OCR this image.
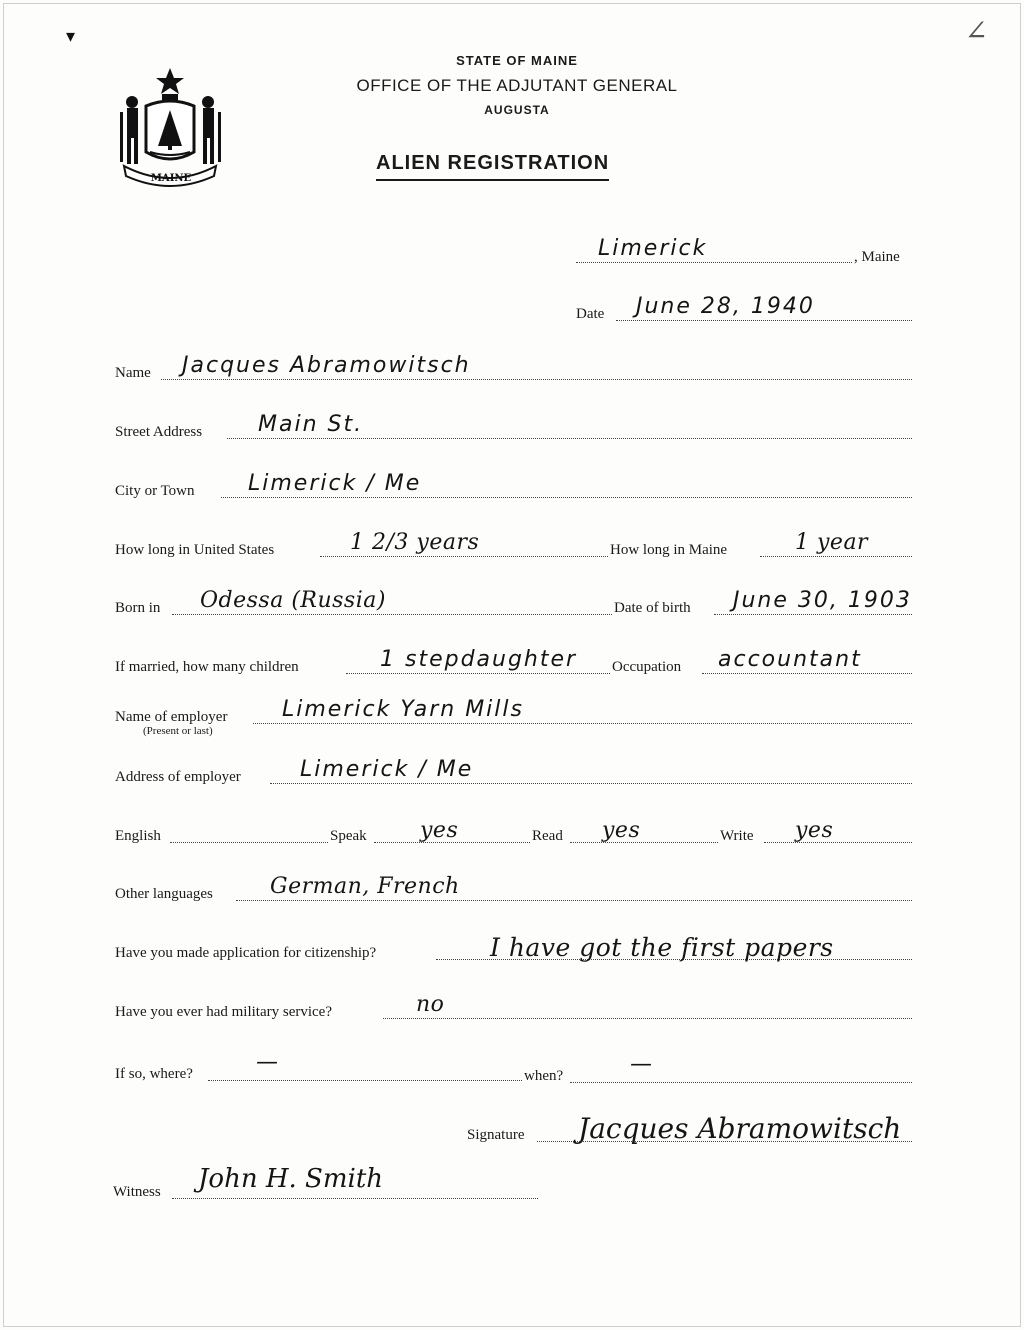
▾	∠
MAINE
STATE OF MAINE
OFFICE OF THE ADJUTANT GENERAL
AUGUSTA
ALIEN REGISTRATION
Limerick	, Maine
Date June 28, 1940
Name Jacques Abramowitsch
Street Address	Main St.
City or Town Limerick / Me
How long in United States	1 2/3 years	How long in Maine	1 year
Born in Odessa (Russia)	Date of birth June 30, 1903
If married, how many children	1 stepdaughter Occupation accountant
Name of employer
(Present or last)
Limerick Yarn Mills
Address of employer	Limerick / Me
English	Speak yes	Read yes	Write yes
Other languages	German, French
Have you made application for citizenship?	I have got the first papers
Have you ever had military service?	no
If so, where?	—
when?	—
Signature Jacques Abramowitsch
Witness John H. Smith
